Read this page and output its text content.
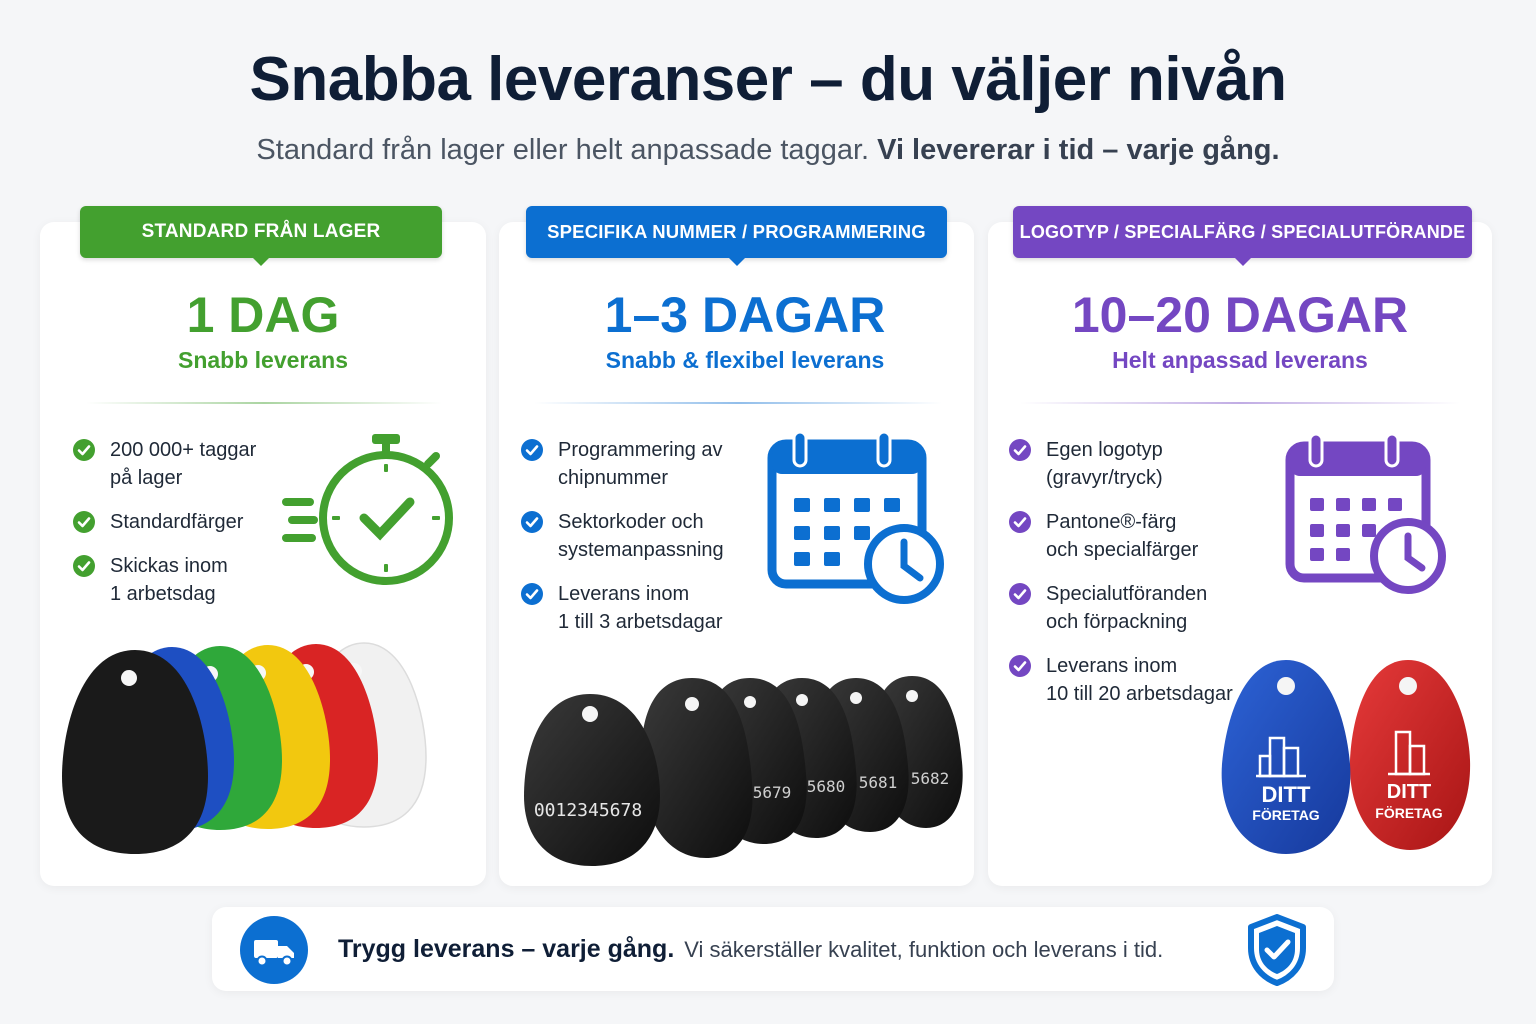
Snabba leveranser – du väljer nivån
Standard från lager eller helt anpassade taggar. Vi levererar i tid – varje gång.
STANDARD FRÅN LAGER	SPECIFIKA NUMMER / PROGRAMMERING	LOGOTYP / SPECIALFÄRG / SPECIALUTFÖRANDE
1 DAG
Snabb leverans
1–3 DAGAR
Snabb & flexibel leverans
10–20 DAGAR
Helt anpassad leverans
200 000+ taggar
på lager
Standardfärger
Skickas inom
1 arbetsdag
Programmering av
chipnummer
Sektorkoder och
systemanpassning
Leverans inom
1 till 3 arbetsdagar
Egen logotyp
(gravyr/tryck)
Pantone®-färg
och specialfärger
Specialutföranden
och förpackning
Leverans inom
10 till 20 arbetsdagar
5682
5681
5680
5679
0012345678
DITT
FÖRETAG
DITT
FÖRETAG
Trygg leverans – varje gång. Vi säkerställer kvalitet, funktion och leverans i tid.
